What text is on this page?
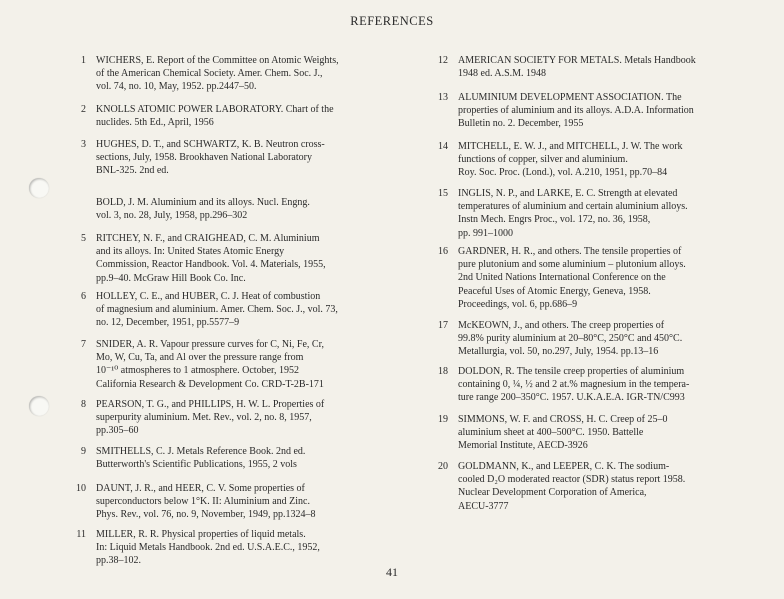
REFERENCES
1 WICHERS, E. Report of the Committee on Atomic Weights,
of the American Chemical Society. Amer. Chem. Soc. J.,
vol. 74, no. 10, May, 1952. pp.2447–50.
2 KNOLLS ATOMIC POWER LABORATORY. Chart of the
nuclides. 5th Ed., April, 1956
3 HUGHES, D. T., and SCHWARTZ, K. B. Neutron cross-
sections, July, 1958. Brookhaven National Laboratory
BNL-325. 2nd ed.
BOLD, J. M. Aluminium and its alloys. Nucl. Engng.
vol. 3, no. 28, July, 1958, pp.296–302
5 RITCHEY, N. F., and CRAIGHEAD, C. M. Aluminium
and its alloys. In: United States Atomic Energy
Commission, Reactor Handbook. Vol. 4. Materials, 1955,
pp.9–40. McGraw Hill Book Co. Inc.
6 HOLLEY, C. E., and HUBER, C. J. Heat of combustion
of magnesium and aluminium. Amer. Chem. Soc. J., vol. 73,
no. 12, December, 1951, pp.5577–9
7 SNIDER, A. R. Vapour pressure curves for C, Ni, Fe, Cr,
Mo, W, Cu, Ta, and Al over the pressure range from
10⁻¹⁰ atmospheres to 1 atmosphere. October, 1952
California Research & Development Co. CRD-T-2B-171
8 PEARSON, T. G., and PHILLIPS, H. W. L. Properties of
superpurity aluminium. Met. Rev., vol. 2, no. 8, 1957,
pp.305–60
9 SMITHELLS, C. J. Metals Reference Book. 2nd ed.
Butterworth's Scientific Publications, 1955, 2 vols
10 DAUNT, J. R., and HEER, C. V. Some properties of
superconductors below 1°K. II: Aluminium and Zinc.
Phys. Rev., vol. 76, no. 9, November, 1949, pp.1324–8
11 MILLER, R. R. Physical properties of liquid metals.
In: Liquid Metals Handbook. 2nd ed. U.S.A.E.C., 1952,
pp.38–102.
12 AMERICAN SOCIETY FOR METALS. Metals Handbook
1948 ed. A.S.M. 1948
13 ALUMINIUM DEVELOPMENT ASSOCIATION. The
properties of aluminium and its alloys. A.D.A. Information
Bulletin no. 2. December, 1955
14 MITCHELL, E. W. J., and MITCHELL, J. W. The work
functions of copper, silver and aluminium.
Roy. Soc. Proc. (Lond.), vol. A.210, 1951, pp.70–84
15 INGLIS, N. P., and LARKE, E. C. Strength at elevated
temperatures of aluminium and certain aluminium alloys.
Instn Mech. Engrs Proc., vol. 172, no. 36, 1958,
pp. 991–1000
16 GARDNER, H. R., and others. The tensile properties of
pure plutonium and some aluminium – plutonium alloys.
2nd United Nations International Conference on the
Peaceful Uses of Atomic Energy, Geneva, 1958.
Proceedings, vol. 6, pp.686–9
17 McKEOWN, J., and others. The creep properties of
99.8% purity aluminium at 20–80°C, 250°C and 450°C.
Metallurgia, vol. 50, no.297, July, 1954. pp.13–16
18 DOLDON, R. The tensile creep properties of aluminium
containing 0, ¼, ½ and 2 at.% magnesium in the tempera-
ture range 200–350°C. 1957. U.K.A.E.A. IGR-TN/C993
19 SIMMONS, W. F. and CROSS, H. C. Creep of 25–0
aluminium sheet at 400–500°C. 1950. Battelle
Memorial Institute, AECD-3926
20 GOLDMANN, K., and LEEPER, C. K. The sodium-
cooled D₂O moderated reactor (SDR) status report 1958.
Nuclear Development Corporation of America,
AECU-3777
41
